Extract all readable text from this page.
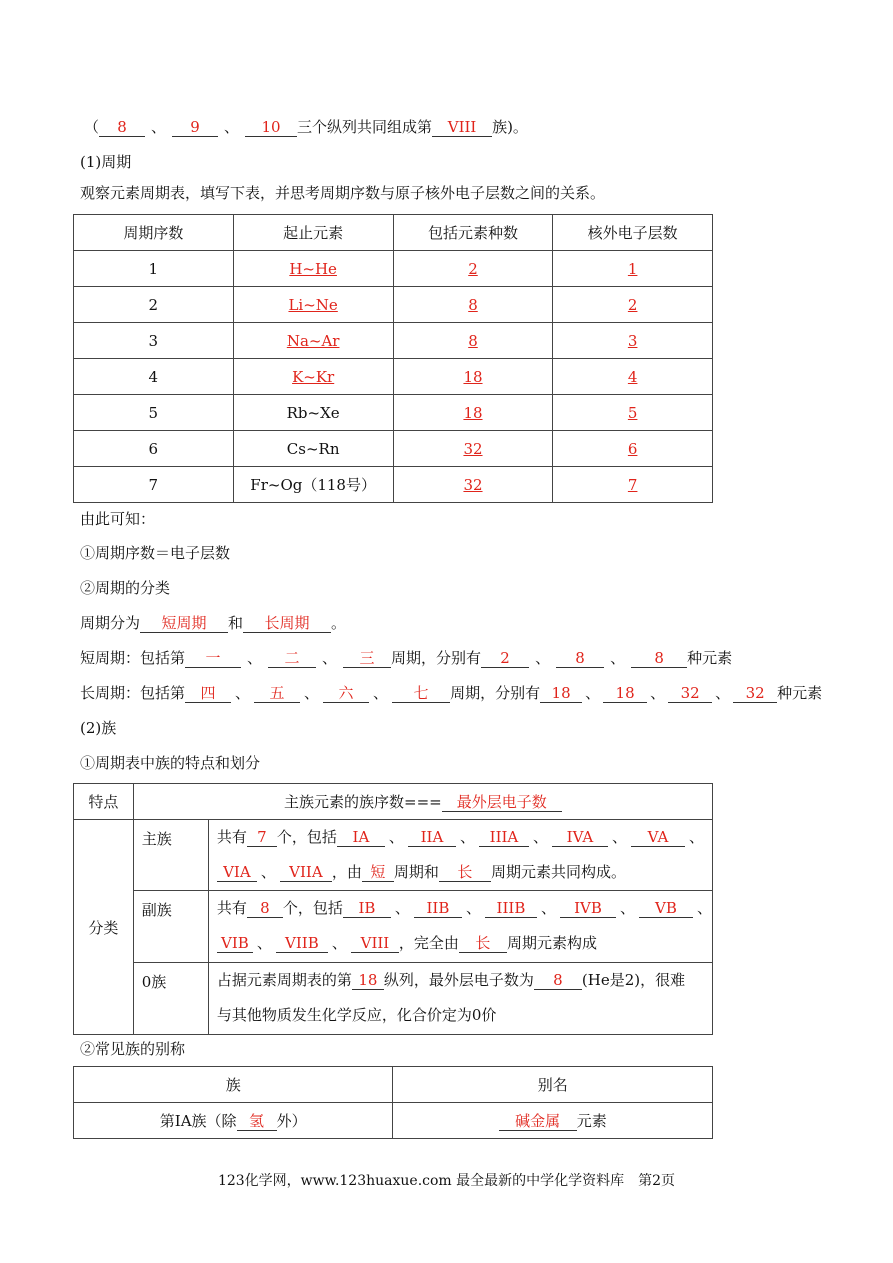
（ 8 、 9 、 10 三个纵列共同组成第 VIII 族)。
(1)周期
观察元素周期表，填写下表，并思考周期序数与原子核外电子层数之间的关系。
周期序数	起止元素	包括元素种数	核外电子层数
1	H~He	2	1
2	Li~Ne	8	2
3	Na~Ar	8	3
4	K~Kr	18	4
5	Rb~Xe	18	5
6	Cs~Rn	32	6
7	Fr~Og（118号）	32	7
由此可知：
①周期序数＝电子层数
②周期的分类
周期分为 短周期 和 长周期 。
短周期：包括第 一 、 二 、 三 周期，分别有 2 、 8 、 8 种元素
长周期：包括第 四 、 五 、 六 、 七 周期，分别有 18 、 18 、 32 、 32 种元素
(2)族
①周期表中族的特点和划分
特点	主族元素的族序数=== 最外层电子数	
分类	主族	共有 7 个，包括 IA 、 IIA 、 IIIA 、 IVA 、 VA 、
VIA 、 VIIA ，由 短 周期和 长 周期元素共同构成。

	副族	共有 8 个，包括 IB 、 IIB 、 IIIB 、 IVB 、 VB 、
VIB 、 VIIB 、 VIII ，完全由 长 周期元素构成

	0族	占据元素周期表的第 18 纵列，最外层电子数为 8 (He是2)，很难
与其他物质发生化学反应，化合价定为0价
②常见族的别称
族	别名
第IA族（除 氢 外）	碱金属 元素
123化学网，www.123huaxue.com 最全最新的中学化学资料库　第2页
